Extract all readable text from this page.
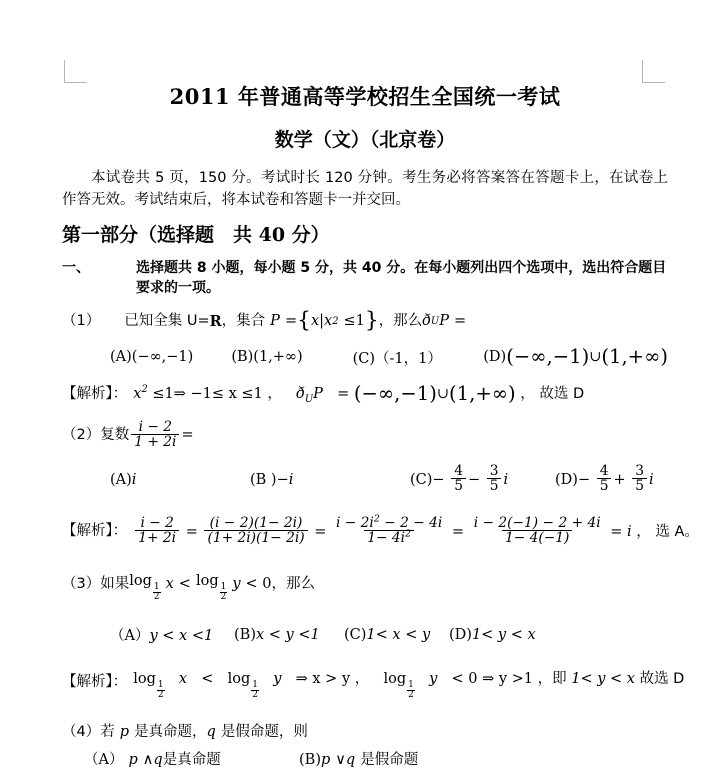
2011 年普通高等学校招生全国统一考试
数学（文）（北京卷）

本试卷共 5 页，150 分。考试时长 120 分钟。考生务必将答案答在答题卡上，在试卷上作答无效。考试结束后，将本试卷和答题卡一并交回。

第一部分（选择题　共 40 分）
一、	选择题共 8 小题，每小题 5 分，共 40 分。在每小题列出四个选项中，选出符合题目要求的一项。
（1） 已知全集 U= R ，集合 P = { x | x 2 ≤1 } ，那么 ð U P =
(A)(−∞,−1)	(B)(1,+∞)	(C)（-1，1）	(D)(−∞,−1)∪(1,+∞)
【解析】： $x^2$ ≤1⇒ −1≤ x ≤1 ， $ð_UP$ = (−∞,−1)∪(1,+∞) ， 故选 D
（2） 复数 $\frac{i - 2}{1 + 2i}$ =
(A)i	(B )−i	$(C)- \frac{4}{5} - \frac{3}{5}$ i	$(D)- \frac{4}{5} + \frac{3}{5}$ i
【解析】： $\frac{i - 2}{1+ 2i} = \frac{(i - 2)(1- 2i)}{(1+ 2i)(1- 2i)} = \frac{i - 2i^2 - 2 - 4i}{1- 4i^2} = \frac{i - 2(-1) - 2 + 4i}{1- 4(-1)} = i$ ， 选 A。
（3） 如果 log
$\frac{1}{2}$ x < log
$\frac{1}{2}$ y < 0 ，那么
（A）y < x <1	(B)x < y <1	(C)1< x < y	(D)1< y < x
【解析】： log
$\frac{1}{2}$
x < log
$\frac{1}{2}$
y ⇒ x > y ， log
$\frac{1}{2}$
y < 0 ⇒ y >1 ，即 1< y < x 故选 D
（4） 若 p 是真命题， q 是假命题，则
（A） p ∧q是真命题	(B)p ∨q 是假命题
